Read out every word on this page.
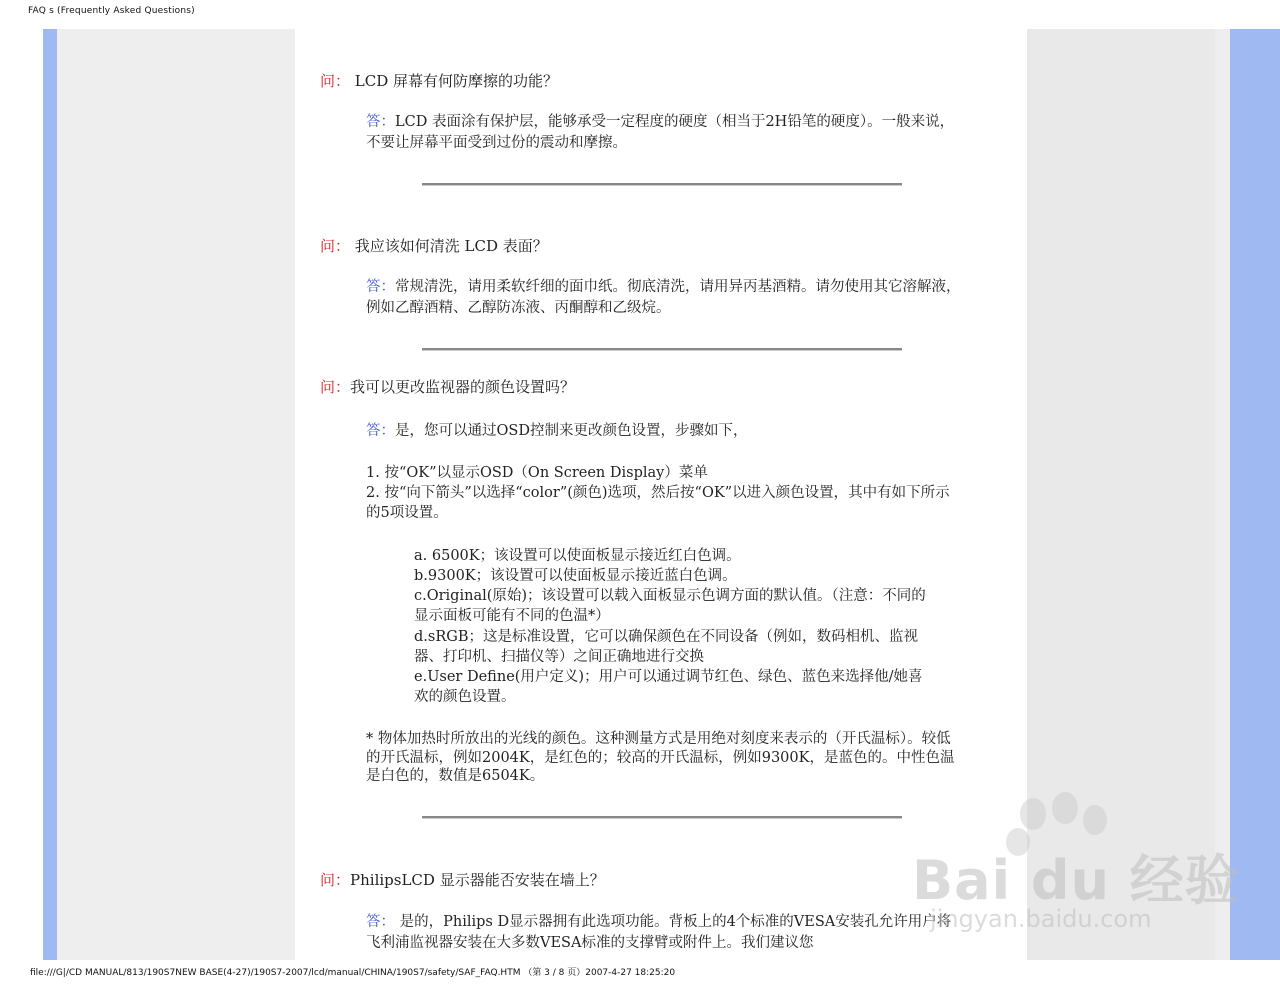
FAQ s (Frequently Asked Questions)
问： LCD 屏幕有何防摩擦的功能？
答：LCD 表面涂有保护层，能够承受一定程度的硬度（相当于2H铅笔的硬度）。一般来说，不要让屏幕平面受到过份的震动和摩擦。
问： 我应该如何清洗 LCD 表面？
答：常规清洗，请用柔软纤细的面巾纸。彻底清洗，请用异丙基酒精。请勿使用其它溶解液，例如乙醇酒精、乙醇防冻液、丙酮醇和乙级烷。
问：我可以更改监视器的颜色设置吗？
答：是，您可以通过OSD控制来更改颜色设置，步骤如下，
1. 按“OK”以显示OSD（On Screen Display）菜单
2. 按“向下箭头”以选择“color”(颜色)选项，然后按“OK”以进入颜色设置，其中有如下所示的5项设置。
a. 6500K；该设置可以使面板显示接近红白色调。
b.9300K；该设置可以使面板显示接近蓝白色调。
c.Original(原始)；该设置可以载入面板显示色调方面的默认值。（注意：不同的显示面板可能有不同的色温*）
d.sRGB；这是标准设置，它可以确保颜色在不同设备（例如，数码相机、监视器、打印机、扫描仪等）之间正确地进行交换
e.User Define(用户定义)；用户可以通过调节红色、绿色、蓝色来选择他/她喜欢的颜色设置。
* 物体加热时所放出的光线的颜色。这种测量方式是用绝对刻度来表示的（开氏温标）。较低的开氏温标，例如2004K，是红色的；较高的开氏温标，例如9300K，是蓝色的。中性色温是白色的，数值是6504K。
问：PhilipsLCD 显示器能否安装在墙上？
答： 是的，Philips D显示器拥有此选项功能。背板上的4个标准的VESA安装孔允许用户将飞利浦监视器安装在大多数VESA标准的支撑臂或附件上。我们建议您
Bai du 经验
jingyan.baidu.com
file:///G|/CD MANUAL/813/190S7NEW BASE(4-27)/190S7-2007/lcd/manual/CHINA/190S7/safety/SAF_FAQ.HTM （第 3 / 8 页）2007-4-27 18:25:20
